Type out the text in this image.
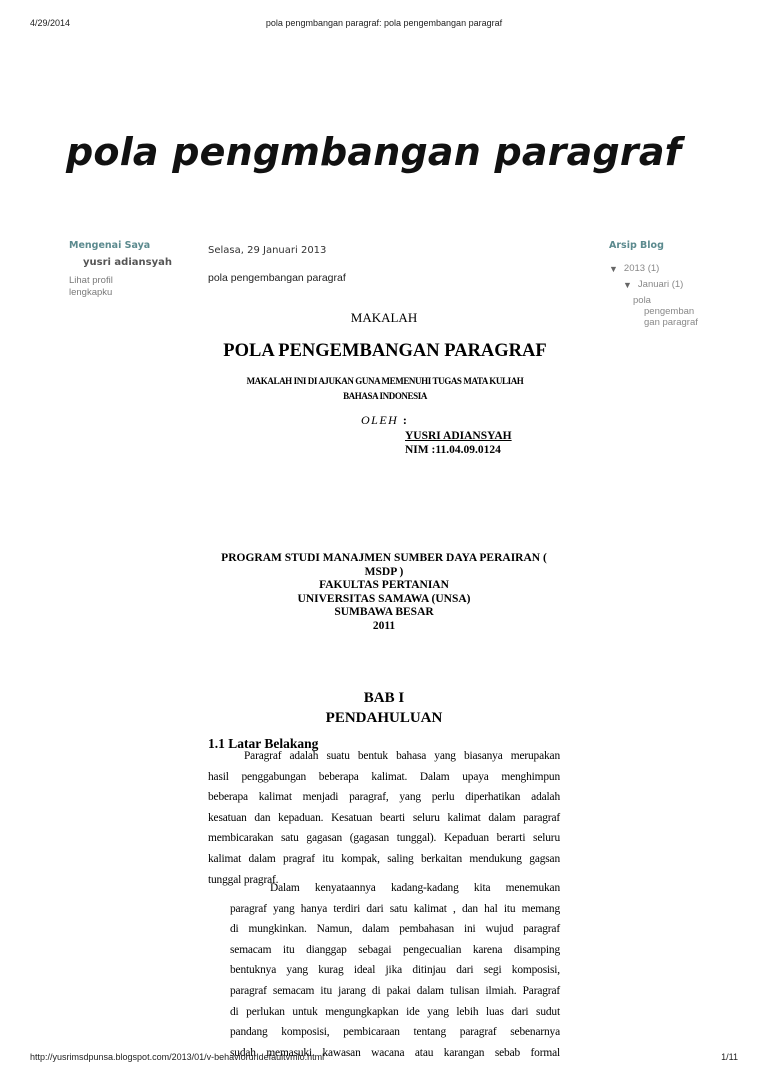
4/29/2014	pola pengmbangan paragraf: pola pengembangan paragraf
pola pengmbangan paragraf
Mengenai Saya
yusri adiansyah
Lihat profil lengkapku
Arsip Blog
▼ 2013 (1)
▼ Januari (1)
pola
pengemban
gan paragraf
Selasa, 29 Januari 2013
pola pengembangan paragraf
MAKALAH
POLA PENGEMBANGAN PARAGRAF
MAKALAH INI DI AJUKAN GUNA MEMENUHI TUGAS MATA KULIAH
BAHASA INDONESIA
OLEH :
YUSRI ADIANSYAH
NIM :11.04.09.0124
PROGRAM STUDI MANAJMEN SUMBER DAYA PERAIRAN (
MSDP )
FAKULTAS PERTANIAN
UNIVERSITAS SAMAWA (UNSA)
SUMBAWA BESAR
2011
BAB I
PENDAHULUAN
1.1 Latar Belakang
Paragraf adalah suatu bentuk bahasa yang biasanya merupakan
hasil penggabungan beberapa kalimat. Dalam upaya menghimpun
beberapa kalimat menjadi paragraf, yang perlu diperhatikan adalah
kesatuan dan kepaduan. Kesatuan bearti seluru kalimat dalam paragraf
membicarakan satu gagasan (gagasan tunggal). Kepaduan berarti seluru
kalimat dalam pragraf itu kompak, saling berkaitan mendukung gagsan
tunggal pragraf.
Dalam kenyataannya kadang-kadang kita menemukan
paragraf yang hanya terdiri dari satu kalimat , dan hal itu memang
di mungkinkan. Namun, dalam pembahasan ini wujud paragraf
semacam itu dianggap sebagai pengecualian karena disamping
bentuknya yang kurag ideal jika ditinjau dari segi komposisi,
paragraf semacam itu jarang di pakai dalam tulisan ilmiah. Paragraf
di perlukan untuk mengungkapkan ide yang lebih luas dari sudut
pandang komposisi, pembicaraan tentang paragraf sebenarnya
sudah memasuki kawasan wacana atau karangan sebab formal
http://yusrimsdpunsa.blogspot.com/2013/01/v-behaviorurldefaultvmlo.html	1/11
